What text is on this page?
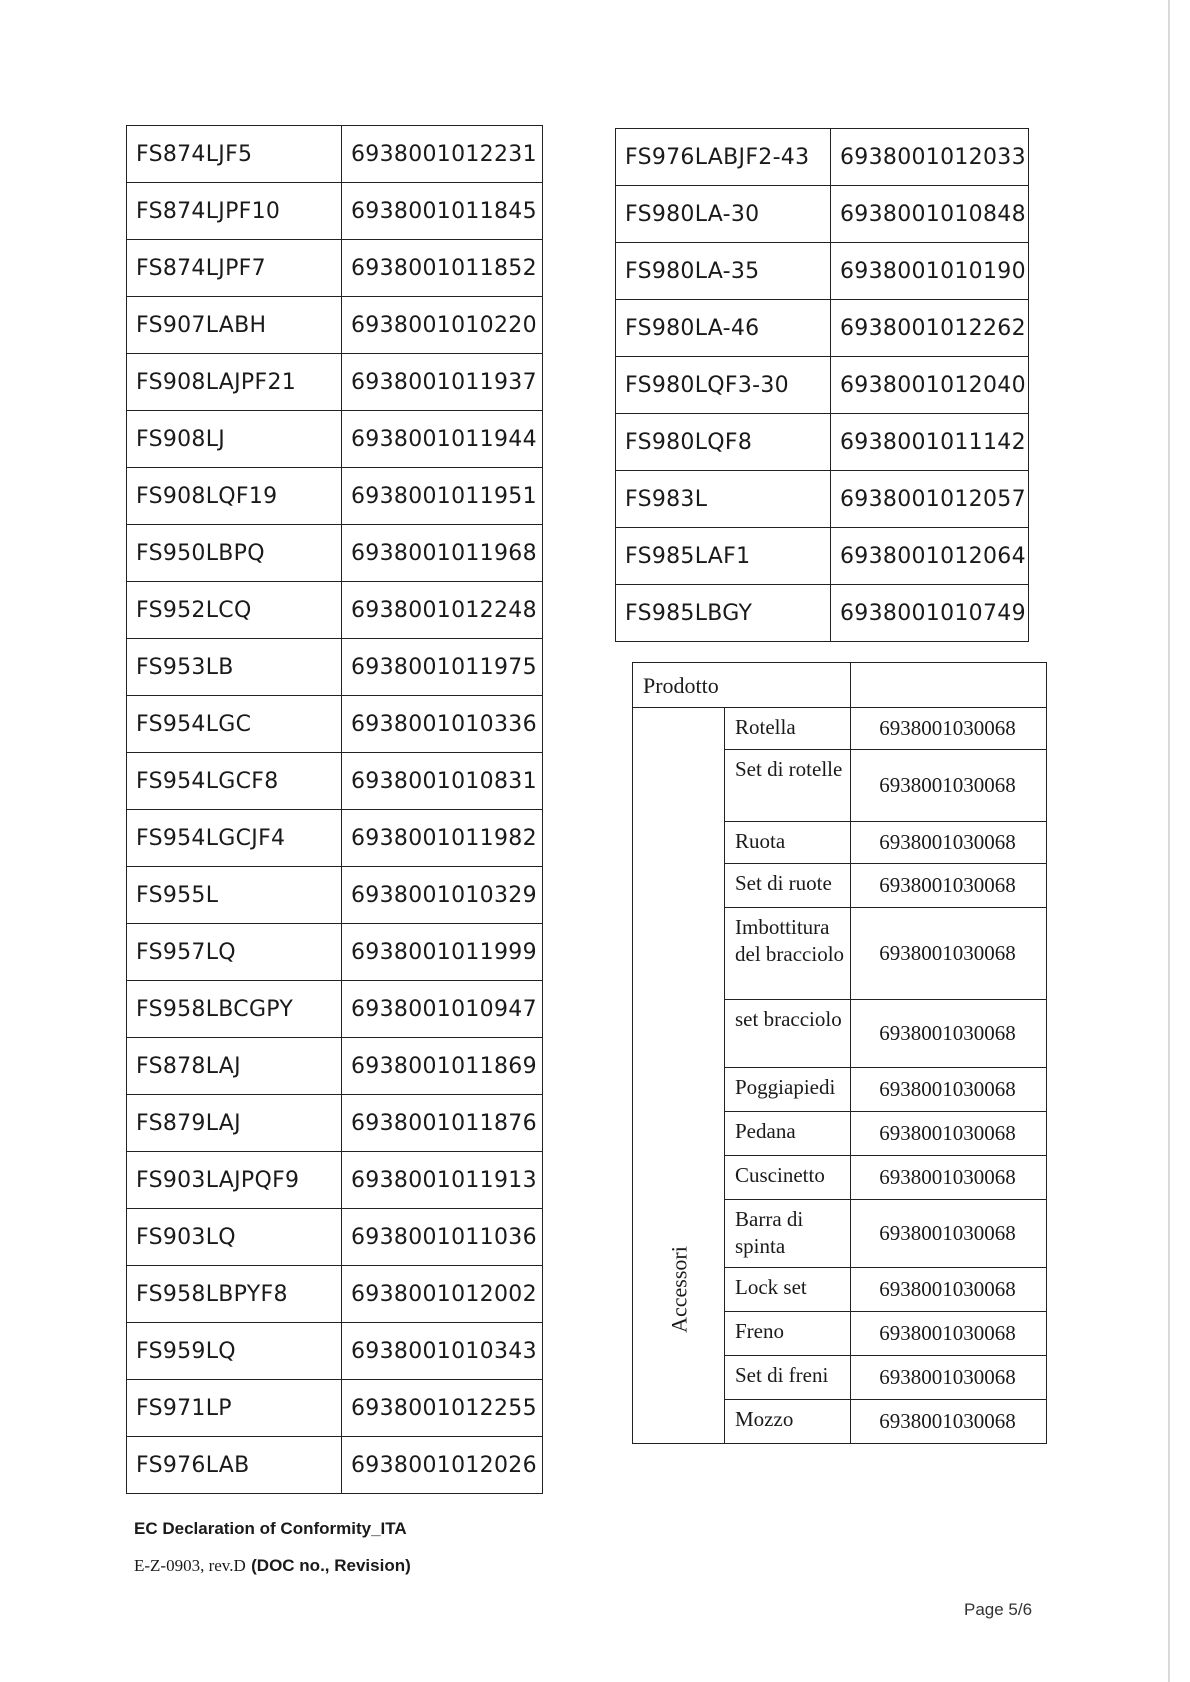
FS874LJF5	6938001012231
FS874LJPF10	6938001011845
FS874LJPF7	6938001011852
FS907LABH	6938001010220
FS908LAJPF21	6938001011937
FS908LJ	6938001011944
FS908LQF19	6938001011951
FS950LBPQ	6938001011968
FS952LCQ	6938001012248
FS953LB	6938001011975
FS954LGC	6938001010336
FS954LGCF8	6938001010831
FS954LGCJF4	6938001011982
FS955L	6938001010329
FS957LQ	6938001011999
FS958LBCGPY	6938001010947
FS878LAJ	6938001011869
FS879LAJ	6938001011876
FS903LAJPQF9	6938001011913
FS903LQ	6938001011036
FS958LBPYF8	6938001012002
FS959LQ	6938001010343
FS971LP	6938001012255
FS976LAB	6938001012026
FS976LABJF2-43	6938001012033
FS980LA-30	6938001010848
FS980LA-35	6938001010190
FS980LA-46	6938001012262
FS980LQF3-30	6938001012040
FS980LQF8	6938001011142
FS983L	6938001012057
FS985LAF1	6938001012064
FS985LBGY	6938001010749
Prodotto		

Accessori	Rotella	6938001030068
	Set di rotelle	6938001030068
	Ruota	6938001030068
	Set di ruote	6938001030068
	Imbottitura del bracciolo	6938001030068
	set bracciolo	6938001030068
	Poggiapiedi	6938001030068
	Pedana	6938001030068
	Cuscinetto	6938001030068
	Barra di spinta	6938001030068
	Lock set	6938001030068
	Freno	6938001030068
	Set di freni	6938001030068
	Mozzo	6938001030068
EC Declaration of Conformity_ITA
E-Z-0903, rev.D (DOC no., Revision)
Page 5/6
